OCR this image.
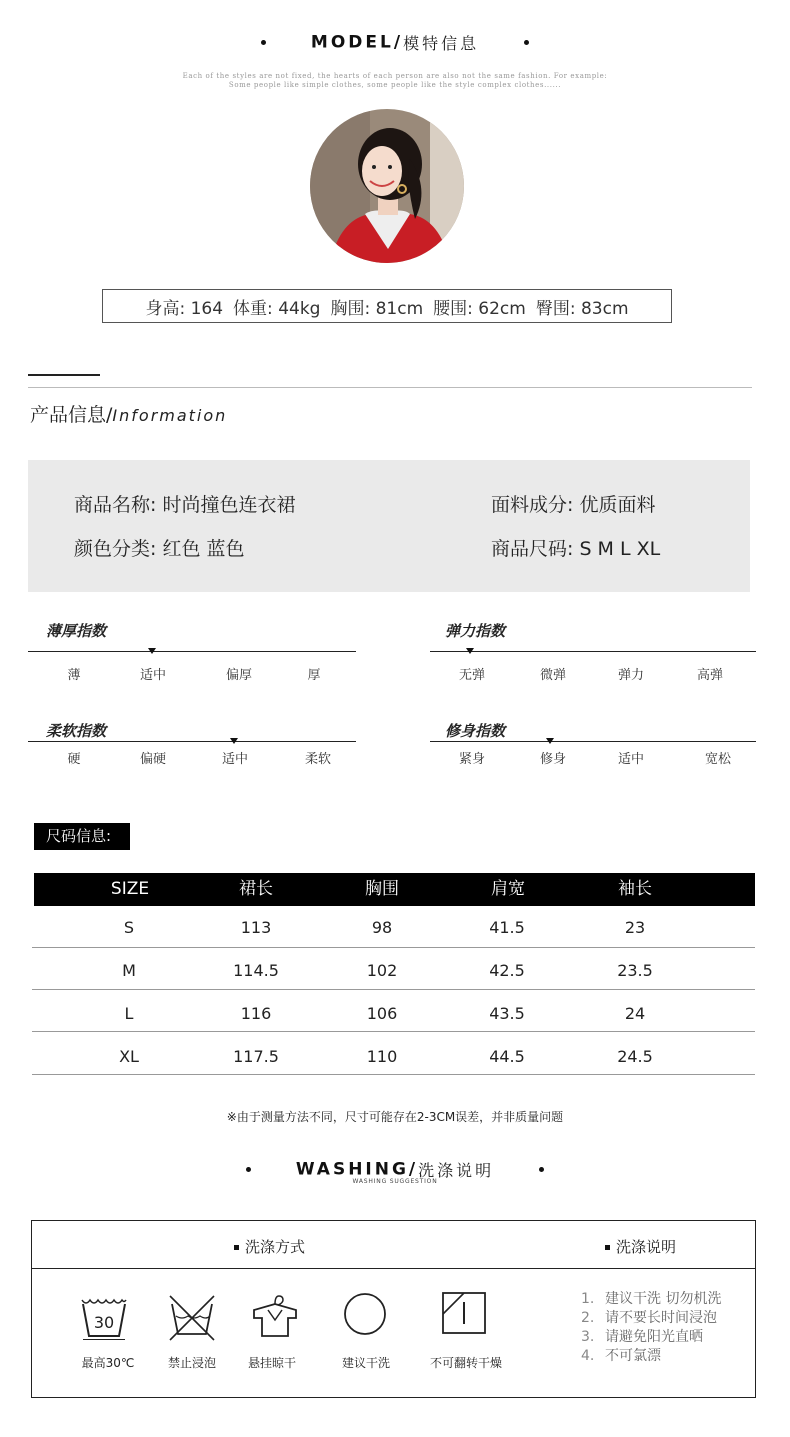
MODEL/模特信息
Each of the styles are not fixed, the hearts of each person are also not the same fashion. For example:
Some people like simple clothes, some people like the style complex clothes......
身高: 164 体重: 44kg 胸围: 81cm 腰围: 62cm 臀围: 83cm
产品信息/Information
商品名称: 时尚撞色连衣裙	面料成分: 优质面料
颜色分类: 红色 蓝色	商品尺码: S M L XL
薄厚指数
薄	适中	偏厚	厚
弹力指数
无弹	微弹	弹力	高弹
柔软指数
硬	偏硬	适中	柔软
修身指数
紧身	修身	适中	宽松
尺码信息:
SIZE	裙长	胸围	肩宽	袖长
S	113	98	41.5	23
M	114.5	102	42.5	23.5
L	116	106	43.5	24
XL	117.5	110	44.5	24.5
※由于测量方法不同，尺寸可能存在2-3CM误差，并非质量问题
WASHING/洗涤说明
WASHING SUGGESTION
洗涤方式	洗涤说明
30
最高30℃	禁止浸泡	悬挂晾干	建议干洗	不可翻转干燥
1. 建议干洗 切勿机洗
2. 请不要长时间浸泡
3. 请避免阳光直晒
4. 不可氯漂
